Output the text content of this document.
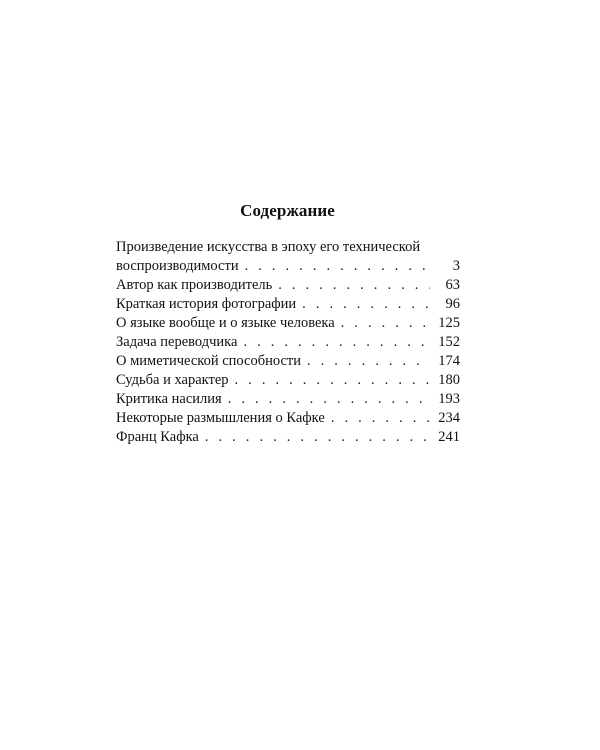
Содержание
Произведение искусства в эпоху его технической
воспроизводимости . . .	3
Автор как производитель . . .	63
Краткая история фотографии . . .	96
О языке вообще и о языке человека . . .	125
Задача переводчика . . .	152
О миметической способности . . .	174
Судьба и характер . . .	180
Критика насилия . . .	193
Некоторые размышления о Кафке . . .	234
Франц Кафка . . .	241
